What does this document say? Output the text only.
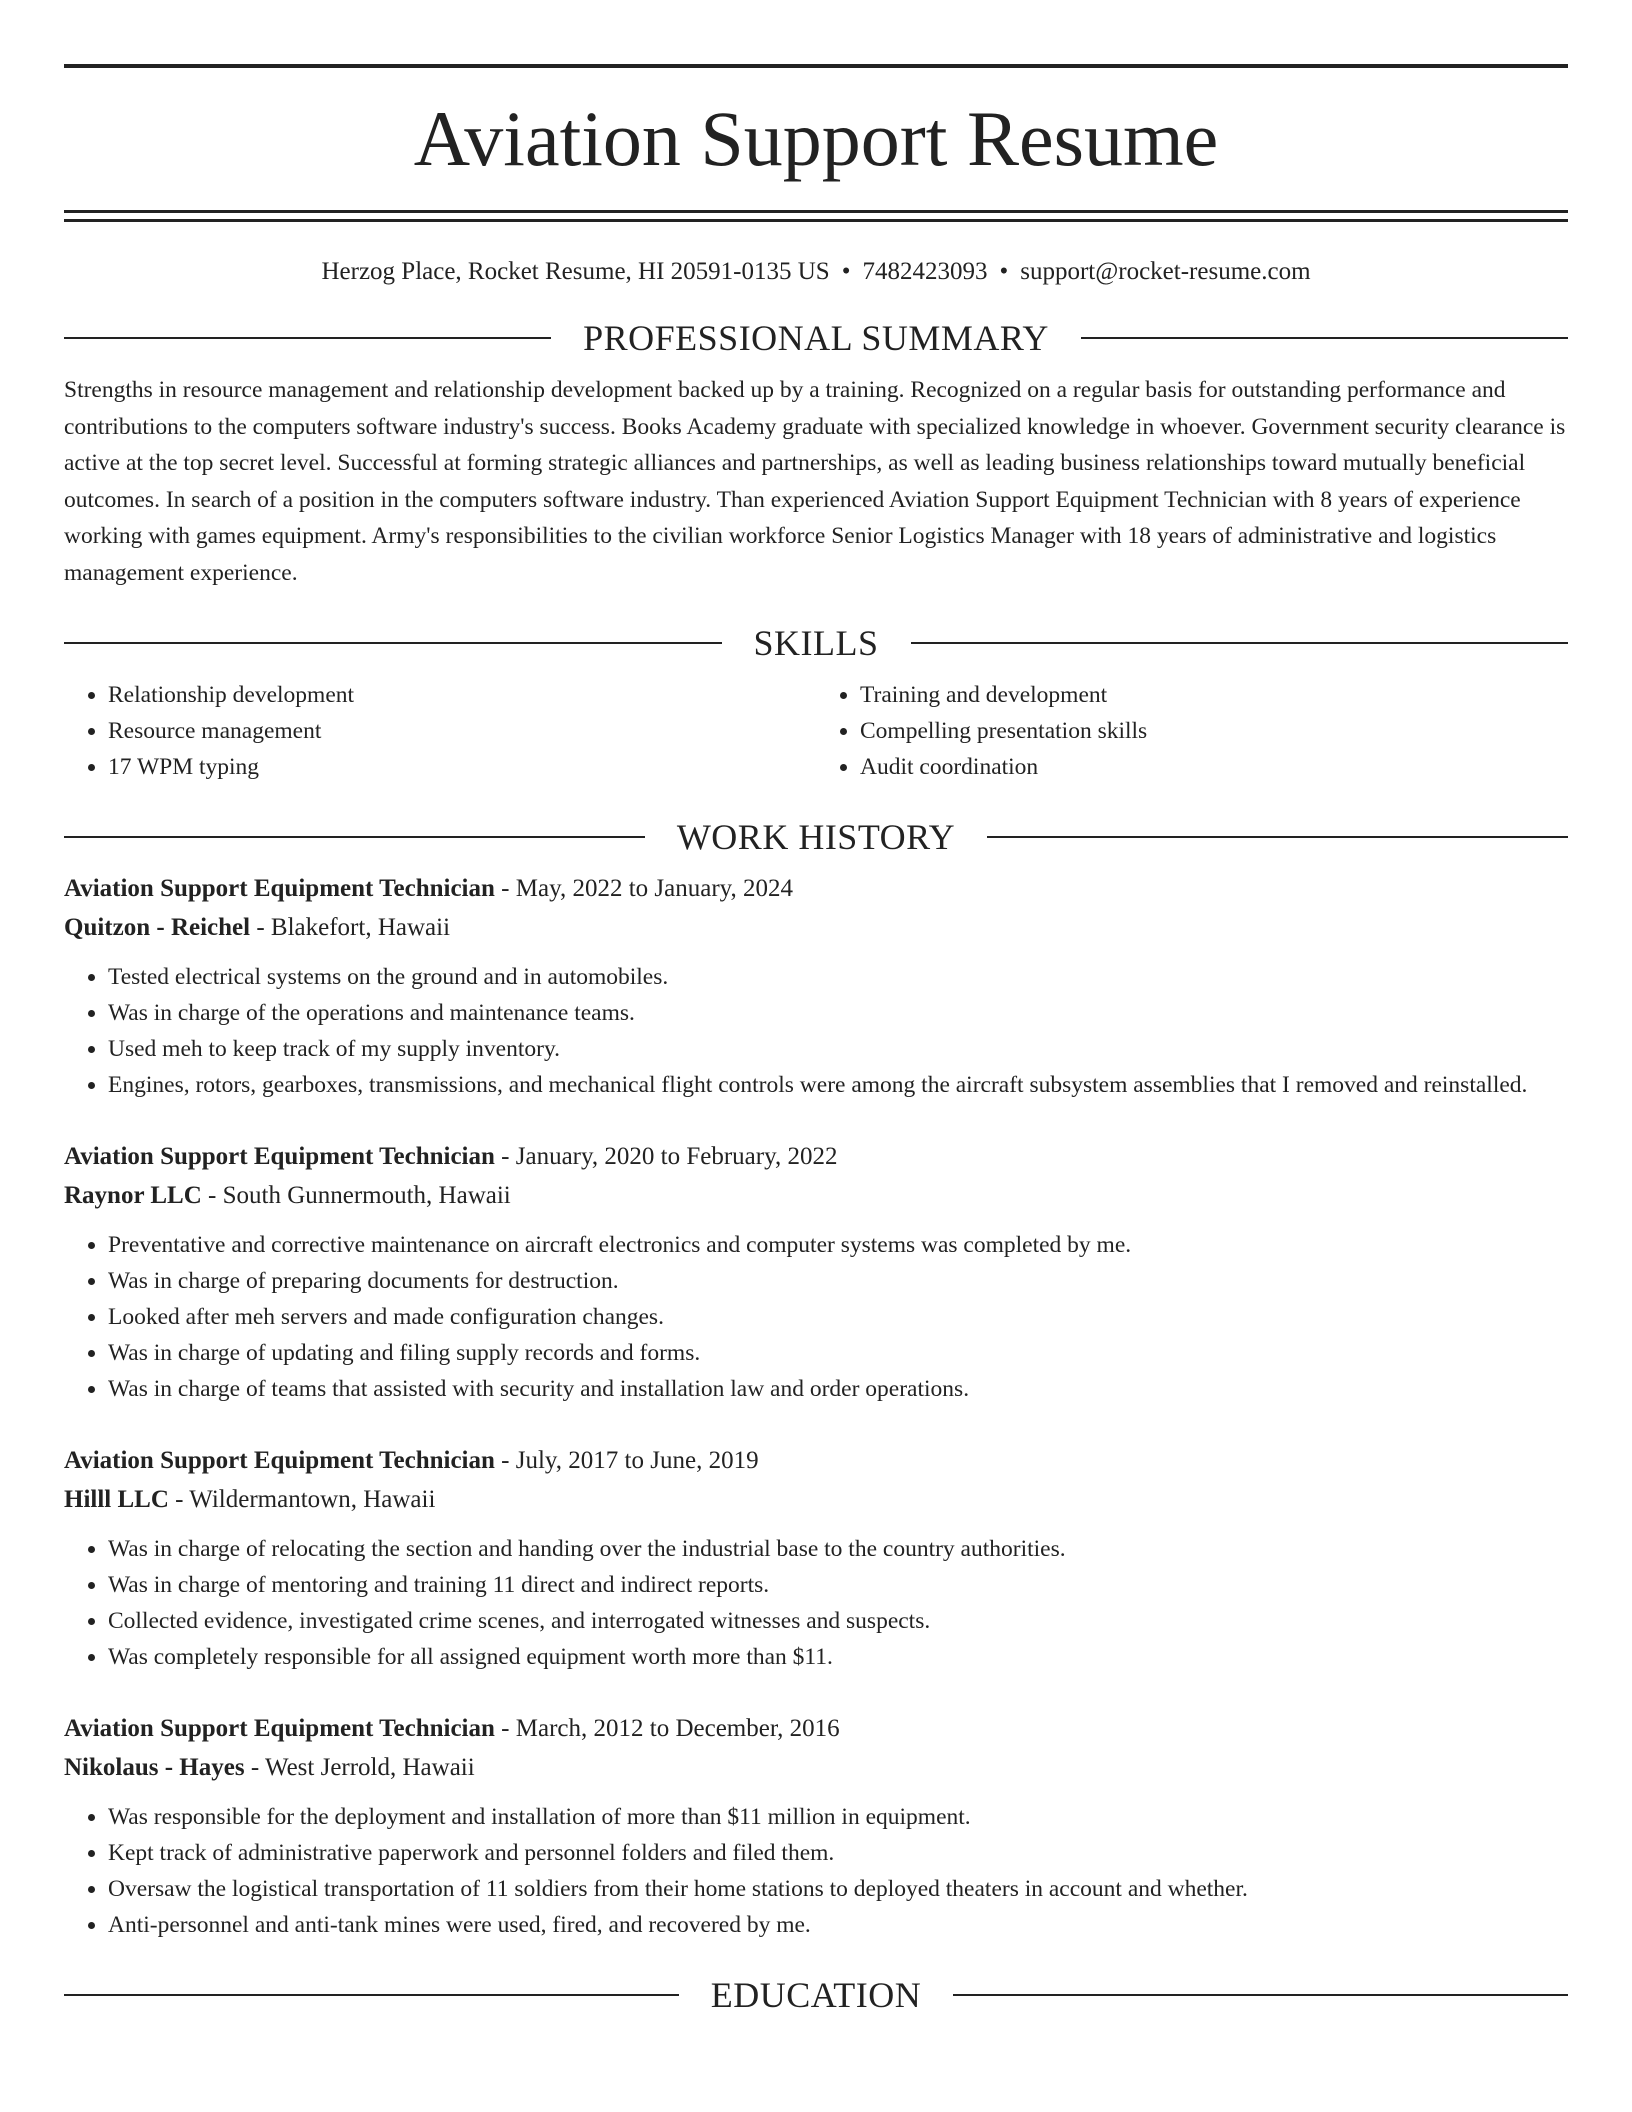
Aviation Support Resume
Herzog Place, Rocket Resume, HI 20591-0135 US • 7482423093 • support@rocket-resume.com
PROFESSIONAL SUMMARY
Strengths in resource management and relationship development backed up by a training. Recognized on a regular basis for outstanding performance and contributions to the computers software industry's success. Books Academy graduate with specialized knowledge in whoever. Government security clearance is active at the top secret level. Successful at forming strategic alliances and partnerships, as well as leading business relationships toward mutually beneficial outcomes. In search of a position in the computers software industry. Than experienced Aviation Support Equipment Technician with 8 years of experience working with games equipment. Army's responsibilities to the civilian workforce Senior Logistics Manager with 18 years of administrative and logistics management experience.
SKILLS
• Relationship development
• Resource management
• 17 WPM typing
• Training and development
• Compelling presentation skills
• Audit coordination
WORK HISTORY
Aviation Support Equipment Technician - May, 2022 to January, 2024
Quitzon - Reichel - Blakefort, Hawaii
• Tested electrical systems on the ground and in automobiles.
• Was in charge of the operations and maintenance teams.
• Used meh to keep track of my supply inventory.
• Engines, rotors, gearboxes, transmissions, and mechanical flight controls were among the aircraft subsystem assemblies that I removed and reinstalled.
Aviation Support Equipment Technician - January, 2020 to February, 2022
Raynor LLC - South Gunnermouth, Hawaii
• Preventative and corrective maintenance on aircraft electronics and computer systems was completed by me.
• Was in charge of preparing documents for destruction.
• Looked after meh servers and made configuration changes.
• Was in charge of updating and filing supply records and forms.
• Was in charge of teams that assisted with security and installation law and order operations.
Aviation Support Equipment Technician - July, 2017 to June, 2019
Hilll LLC - Wildermantown, Hawaii
• Was in charge of relocating the section and handing over the industrial base to the country authorities.
• Was in charge of mentoring and training 11 direct and indirect reports.
• Collected evidence, investigated crime scenes, and interrogated witnesses and suspects.
• Was completely responsible for all assigned equipment worth more than $11.
Aviation Support Equipment Technician - March, 2012 to December, 2016
Nikolaus - Hayes - West Jerrold, Hawaii
• Was responsible for the deployment and installation of more than $11 million in equipment.
• Kept track of administrative paperwork and personnel folders and filed them.
• Oversaw the logistical transportation of 11 soldiers from their home stations to deployed theaters in account and whether.
• Anti-personnel and anti-tank mines were used, fired, and recovered by me.
EDUCATION
